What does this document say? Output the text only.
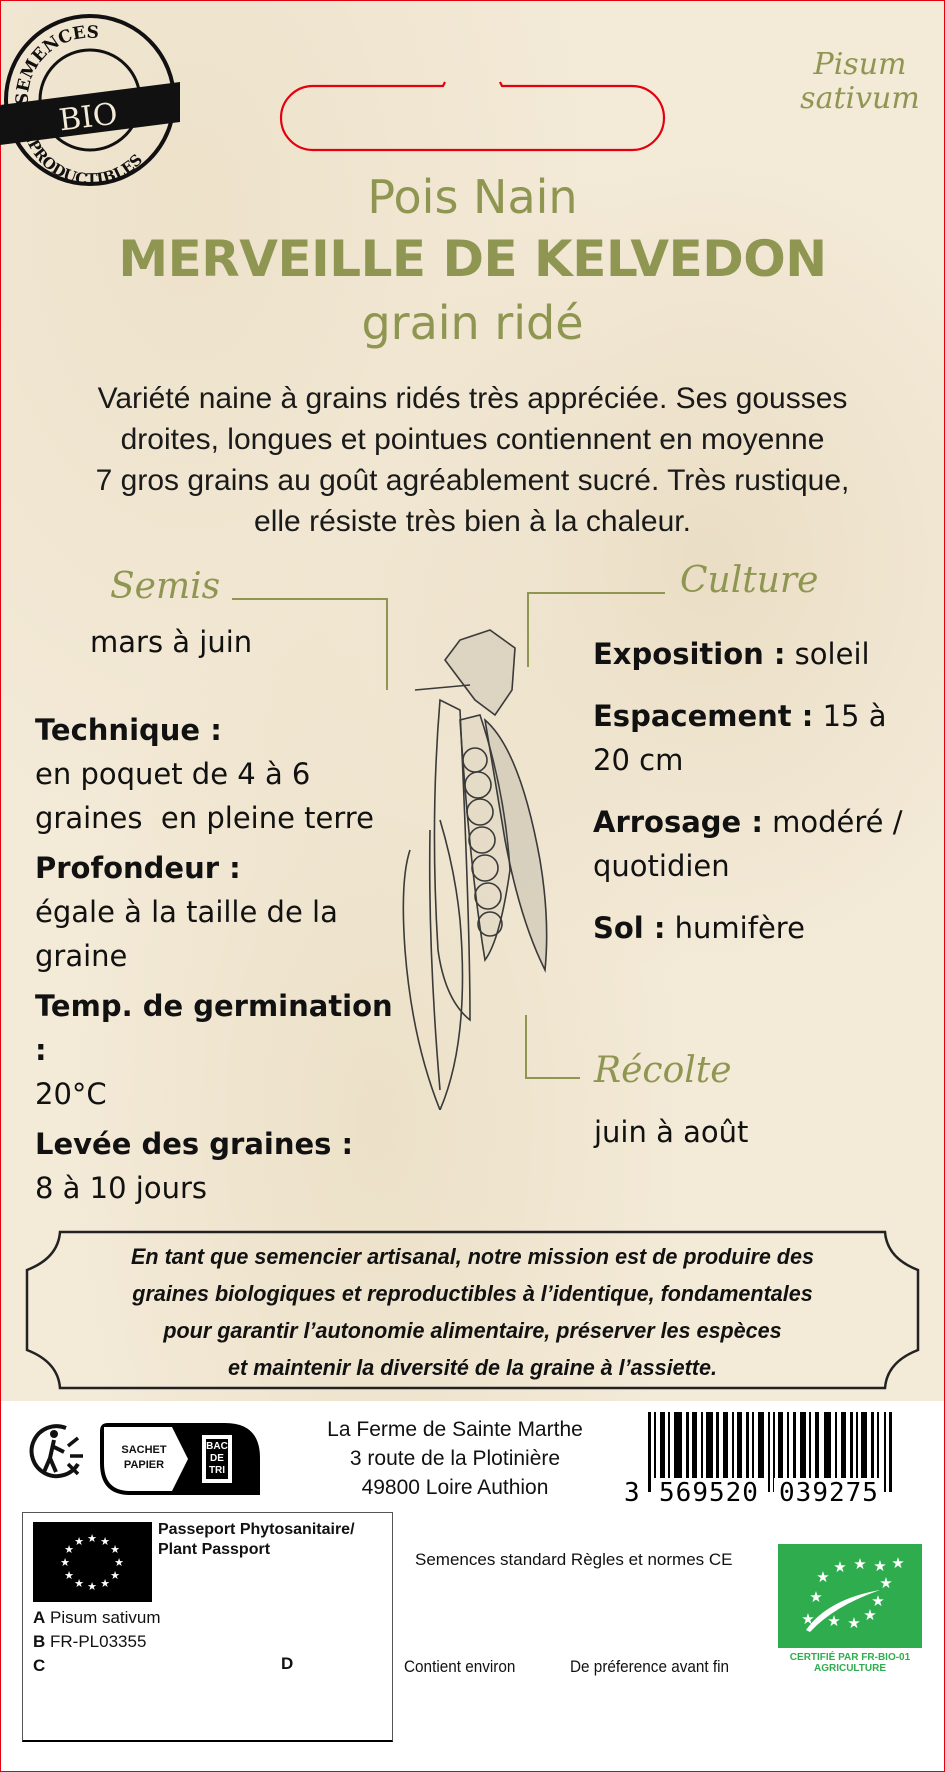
SEMENCES
REPRODUCTIBLES
BIO
Pisum
sativum
Pois Nain
MERVEILLE DE KELVEDON
grain ridé
Variété naine à grains ridés très appréciée. Ses gousses
droites, longues et pointues contiennent en moyenne
7 gros grains au goût agréablement sucré. Très rustique,
elle résiste très bien à la chaleur.
Semis
mars à juin
Technique :
en poquet de 4 à 6
graines  en pleine terre
Profondeur :
égale à la taille de la
graine
Temp. de germination :
20°C
Levée des graines :
8 à 10 jours
Culture
Exposition : soleil
Espacement : 15 à
20 cm
Arrosage : modéré /
quotidien
Sol : humifère
Récolte
juin à août
En tant que semencier artisanal, notre mission est de produire des
graines biologiques et reproductibles à l’identique, fondamentales
pour garantir l’autonomie alimentaire, préserver les espèces
et maintenir la diversité de la graine à l’assiette.
SACHET
PAPIER
BAC
DE
TRI
La Ferme de Sainte Marthe
3 route de la Plotinière
49800 Loire Authion	3 569520 039275
★ ★
★
★
★
★
★
★
★
★
★
★
Passeport Phytosanitaire/
Plant Passport
A Pisum sativum
B FR-PL03355
C	D
Semences standard Règles et normes CE
Contient environ	De préference avant fin
★ ★ ★ ★
★	★
★	★
★ ★ ★ ★
CERTIFIÉ PAR FR-BIO-01
AGRICULTURE
